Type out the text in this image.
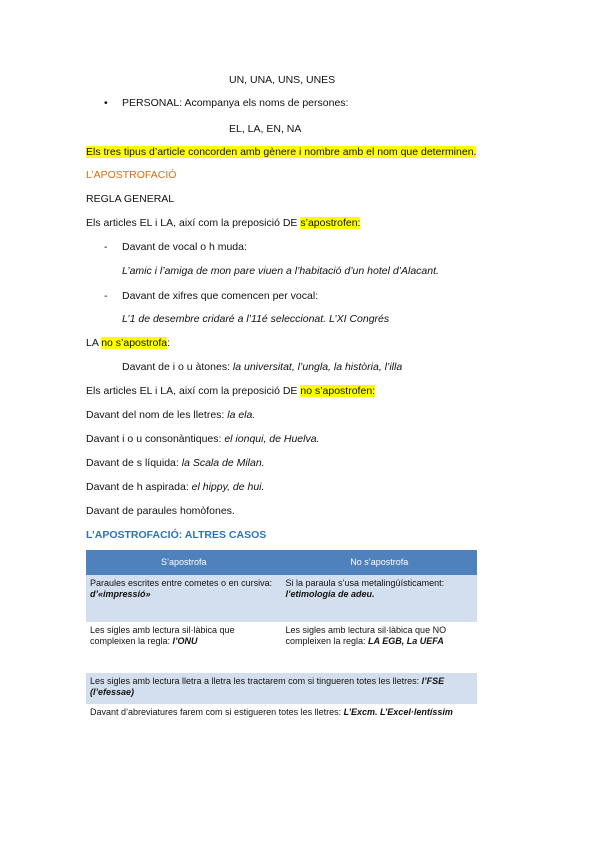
UN, UNA, UNS, UNES
• PERSONAL: Acompanya els noms de persones:
EL, LA, EN, NA
Els tres tipus d’article concorden amb gènere i nombre amb el nom que determinen.
L’APOSTROFACIÓ
REGLA GENERAL
Els articles EL i LA, així com la preposició DE s’apostrofen:
- Davant de vocal o h muda:
L’amic i l’amiga de mon pare viuen a l’habitació d’un hotel d’Alacant.
- Davant de xifres que comencen per vocal:
L’1 de desembre cridaré a l’11é seleccionat. L’XI Congrés
LA no s’apostrofa:
Davant de i o u àtones: la universitat, l’ungla, la història, l’illa
Els articles EL i LA, així com la preposició DE no s’apostrofen:
Davant del nom de les lletres: la ela.
Davant i o u consonàntiques: el ionqui, de Huelva.
Davant de s líquida: la Scala de Milan.
Davant de h aspirada: el hippy, de hui.
Davant de paraules homòfones.
L’APOSTROFACIÓ: ALTRES CASOS
S’apostrofa	No s’apostrofa
Paraules escrites entre cometes o en cursiva: d’«impressió»	Si la paraula s’usa metalingüísticament: l’etimologia de adeu.
Les sigles amb lectura sil·làbica que compleixen la regla: l’ONU	Les sigles amb lectura sil·làbica que NO compleixen la regla: LA EGB, La UEFA
Les sigles amb lectura lletra a lletra les tractarem com si tingueren totes les lletres: l’FSE (l’efessae)	
Davant d’abreviatures farem com si estigueren totes les lletres: L’Excm. L’Excel·lentíssim	
